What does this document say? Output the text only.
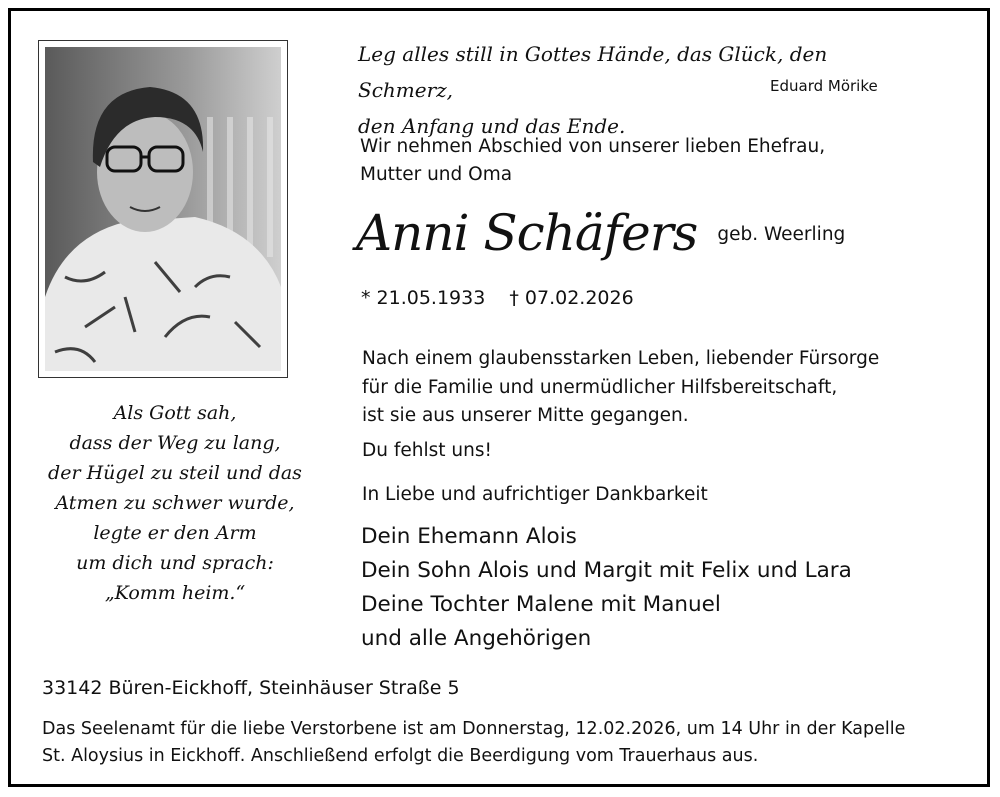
Als Gott sah,
dass der Weg zu lang,
der Hügel zu steil und das
Atmen zu schwer wurde,
legte er den Arm
um dich und sprach:
„Komm heim.“
Leg alles still in Gottes Hände, das Glück, den Schmerz,
den Anfang und das Ende.
Eduard Mörike
Wir nehmen Abschied von unserer lieben Ehefrau,
Mutter und Oma
Anni Schäfers geb. Weerling
* 21.05.1933 † 07.02.2026
Nach einem glaubensstarken Leben, liebender Fürsorge
für die Familie und unermüdlicher Hilfsbereitschaft,
ist sie aus unserer Mitte gegangen.
Du fehlst uns!
In Liebe und aufrichtiger Dankbarkeit
Dein Ehemann Alois
Dein Sohn Alois und Margit mit Felix und Lara
Deine Tochter Malene mit Manuel
und alle Angehörigen
33142 Büren-Eickhoff, Steinhäuser Straße 5
Das Seelenamt für die liebe Verstorbene ist am Donnerstag, 12.02.2026, um 14 Uhr in der Kapelle
St. Aloysius in Eickhoff. Anschließend erfolgt die Beerdigung vom Trauerhaus aus.
